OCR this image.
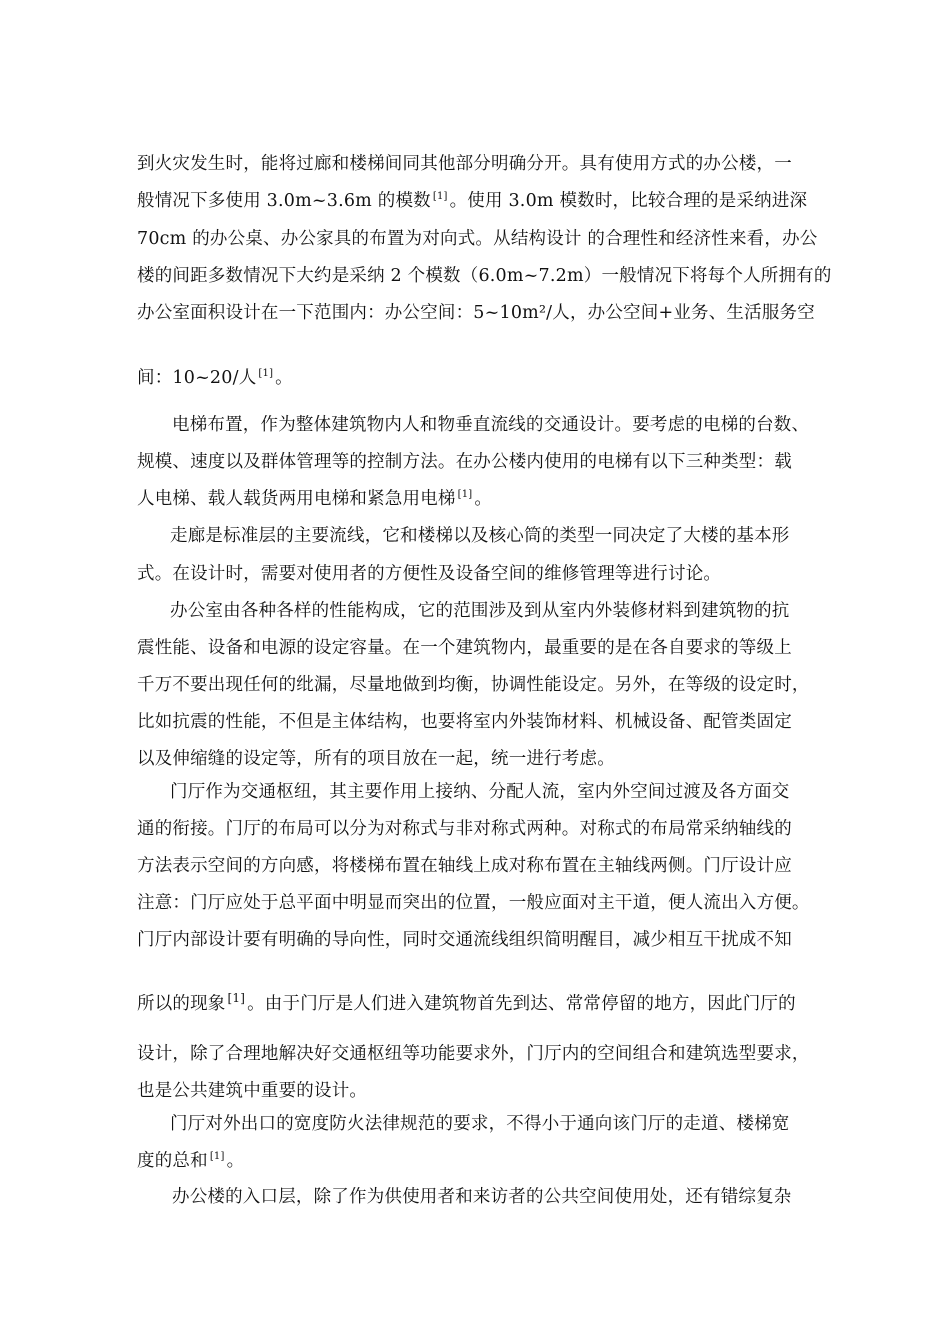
到火灾发生时，能将过廊和楼梯间同其他部分明确分开。具有使用方式的办公楼，一
般情况下多使用 3.0m~3.6m 的模数 [1] 。使用 3.0m 模数时，比较合理的是采纳进深
70cm 的办公桌、办公家具的布置为对向式。从结构设计 的合理性和经济性来看，办公
楼的间距多数情况下大约是采纳 2 个模数（6.0m~7.2m）一般情况下将每个人所拥有的
办公室面积设计在一下范围内：办公空间：5~10m²/人，办公空间+业务、生活服务空
间：10~20/人 [1] 。
电梯布置，作为整体建筑物内人和物垂直流线的交通设计。要考虑的电梯的台数、
规模、速度以及群体管理等的控制方法。在办公楼内使用的电梯有以下三种类型：载
人电梯、载人载货两用电梯和紧急用电梯 [1] 。
走廊是标准层的主要流线，它和楼梯以及核心筒的类型一同决定了大楼的基本形
式。在设计时，需要对使用者的方便性及设备空间的维修管理等进行讨论。
办公室由各种各样的性能构成，它的范围涉及到从室内外装修材料到建筑物的抗
震性能、设备和电源的设定容量。在一个建筑物内，最重要的是在各自要求的等级上
千万不要出现任何的纰漏，尽量地做到均衡，协调性能设定。另外，在等级的设定时，
比如抗震的性能，不但是主体结构，也要将室内外装饰材料、机械设备、配管类固定
以及伸缩缝的设定等，所有的项目放在一起，统一进行考虑。
门厅作为交通枢纽，其主要作用上接纳、分配人流，室内外空间过渡及各方面交
通的衔接。门厅的布局可以分为对称式与非对称式两种。对称式的布局常采纳轴线的
方法表示空间的方向感，将楼梯布置在轴线上成对称布置在主轴线两侧。门厅设计应
注意：门厅应处于总平面中明显而突出的位置，一般应面对主干道，便人流出入方便。
门厅内部设计要有明确的导向性，同时交通流线组织简明醒目，减少相互干扰成不知
所以的现象 [1] 。由于门厅是人们进入建筑物首先到达、常常停留的地方，因此门厅的
设计，除了合理地解决好交通枢纽等功能要求外，门厅内的空间组合和建筑选型要求，
也是公共建筑中重要的设计。
门厅对外出口的宽度防火法律规范的要求，不得小于通向该门厅的走道、楼梯宽
度的总和 [1] 。
办公楼的入口层，除了作为供使用者和来访者的公共空间使用处，还有错综复杂
